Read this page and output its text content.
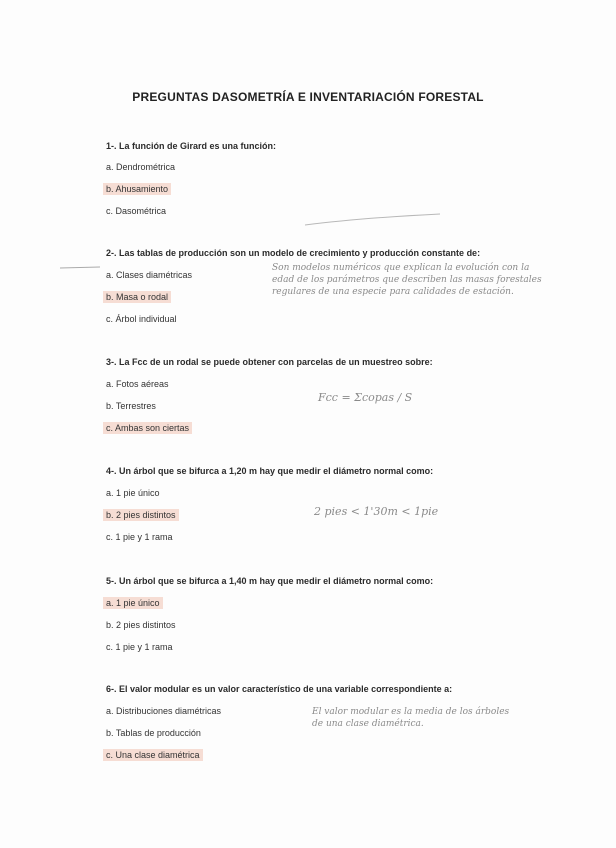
PREGUNTAS DASOMETRÍA E INVENTARIACIÓN FORESTAL
1-. La función de Girard es una función:
a. Dendrométrica
b. Ahusamiento
c. Dasométrica
2-. Las tablas de producción son un modelo de crecimiento y producción constante de:
a. Clases diamétricas
b. Masa o rodal
c. Árbol individual
Son modelos numéricos que explican la evolución con la edad de los parámetros que describen las masas forestales regulares de una especie para calidades de estación.
3-. La Fcc de un rodal se puede obtener con parcelas de un muestreo sobre:
a. Fotos aéreas
b. Terrestres
c. Ambas son ciertas
Fcc = Σcopas / S
4-. Un árbol que se bifurca a 1,20 m hay que medir el diámetro normal como:
a. 1 pie único
b. 2 pies distintos
c. 1 pie y 1 rama
2 pies < 1'30m < 1pie
5-. Un árbol que se bifurca a 1,40 m hay que medir el diámetro normal como:
a. 1 pie único
b. 2 pies distintos
c. 1 pie y 1 rama
6-. El valor modular es un valor característico de una variable correspondiente a:
a. Distribuciones diamétricas
b. Tablas de producción
c. Una clase diamétrica
El valor modular es la media de los árboles de una clase diamétrica.
